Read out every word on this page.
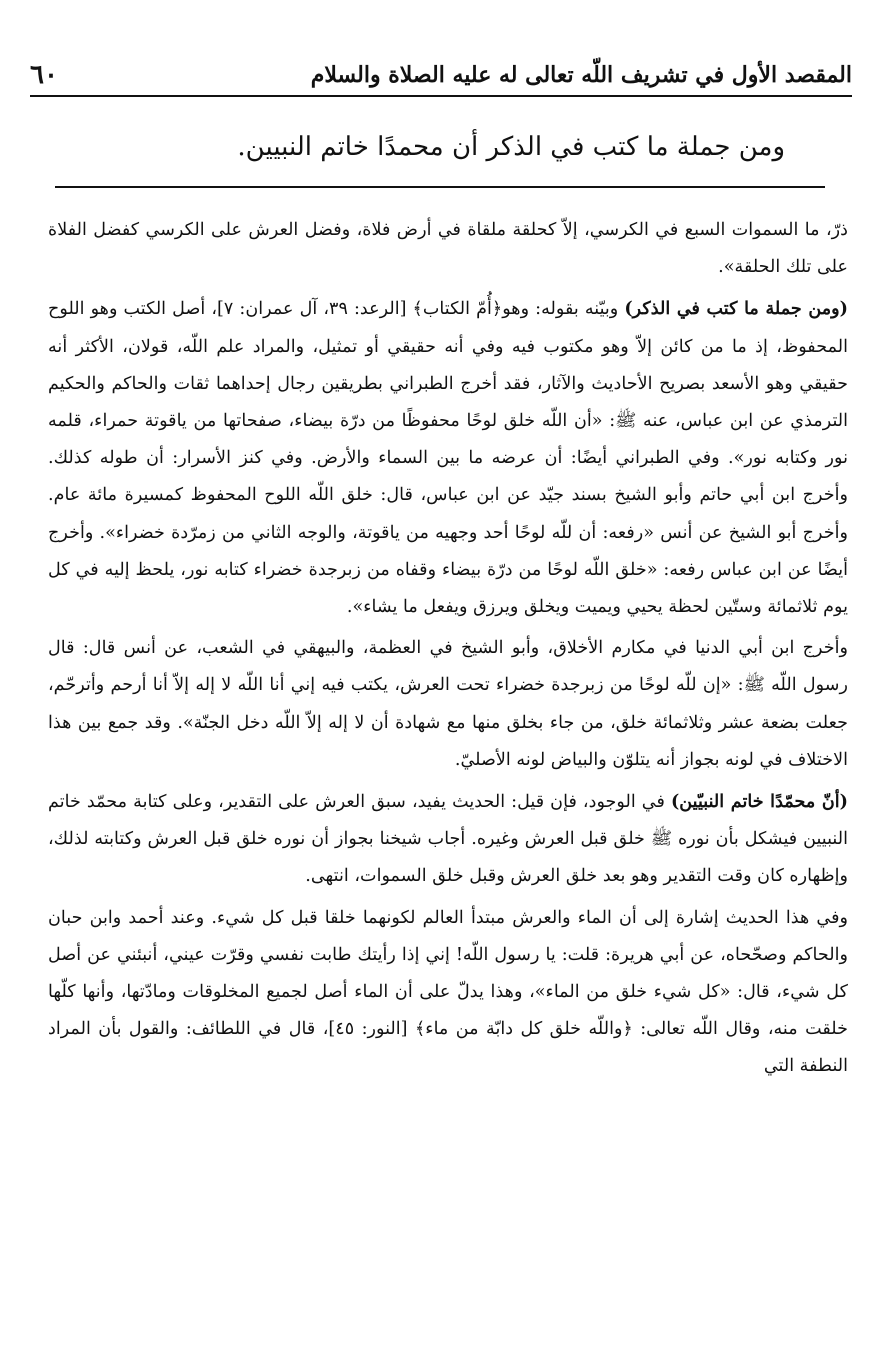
٦٠	المقصد الأول في تشريف اللّه تعالى له عليه الصلاة والسلام
ومن جملة ما كتب في الذكر أن محمدًا خاتم النبيين.

ذرّ، ما السموات السبع في الكرسي، إلاّ كحلقة ملقاة في أرض فلاة، وفضل العرش على الكرسي كفضل الفلاة على تلك الحلقة».

(ومن جملة ما كتب في الذكر) وبيّنه بقوله: وهو﴿أُمّ الكتاب﴾ [الرعد: ٣٩، آل عمران: ٧]، أصل الكتب وهو اللوح المحفوظ، إذ ما من كائن إلاّ وهو مكتوب فيه وفي أنه حقيقي أو تمثيل، والمراد علم اللّه، قولان، الأكثر أنه حقيقي وهو الأسعد بصريح الأحاديث والآثار، فقد أخرج الطبراني بطريقين رجال إحداهما ثقات والحاكم والحكيم الترمذي عن ابن عباس، عنه ﷺ: «أن اللّه خلق لوحًا محفوظًا من درّة بيضاء، صفحاتها من ياقوتة حمراء، قلمه نور وكتابه نور». وفي الطبراني أيضًا: أن عرضه ما بين السماء والأرض. وفي كنز الأسرار: أن طوله كذلك. وأخرج ابن أبي حاتم وأبو الشيخ بسند جيّد عن ابن عباس، قال: خلق اللّه اللوح المحفوظ كمسيرة مائة عام. وأخرج أبو الشيخ عن أنس «رفعه: أن للّه لوحًا أحد وجهيه من ياقوتة، والوجه الثاني من زمرّدة خضراء». وأخرج أيضًا عن ابن عباس رفعه: «خلق اللّه لوحًا من درّة بيضاء وقفاه من زبرجدة خضراء كتابه نور، يلحظ إليه في كل يوم ثلاثمائة وستّين لحظة يحيي ويميت ويخلق ويرزق ويفعل ما يشاء».

وأخرج ابن أبي الدنيا في مكارم الأخلاق، وأبو الشيخ في العظمة، والبيهقي في الشعب، عن أنس قال: قال رسول اللّه ﷺ: «إن للّه لوحًا من زبرجدة خضراء تحت العرش، يكتب فيه إني أنا اللّه لا إله إلاّ أنا أرحم وأترحّم، جعلت بضعة عشر وثلاثمائة خلق، من جاء بخلق منها مع شهادة أن لا إله إلاّ اللّه دخل الجنّة». وقد جمع بين هذا الاختلاف في لونه بجواز أنه يتلوّن والبياض لونه الأصليّ.

(أنّ محمّدًا خاتم النبيّين) في الوجود، فإن قيل: الحديث يفيد، سبق العرش على التقدير، وعلى كتابة محمّد خاتم النبيين فيشكل بأن نوره ﷺ خلق قبل العرش وغيره. أجاب شيخنا بجواز أن نوره خلق قبل العرش وكتابته لذلك، وإظهاره كان وقت التقدير وهو بعد خلق العرش وقبل خلق السموات، انتهى.

وفي هذا الحديث إشارة إلى أن الماء والعرش مبتدأ العالم لكونهما خلقا قبل كل شيء. وعند أحمد وابن حبان والحاكم وصحّحاه، عن أبي هريرة: قلت: يا رسول اللّه! إني إذا رأيتك طابت نفسي وقرّت عيني، أنبئني عن أصل كل شيء، قال: «كل شيء خلق من الماء»، وهذا يدلّ على أن الماء أصل لجميع المخلوقات ومادّتها، وأنها كلّها خلقت منه، وقال اللّه تعالى: ﴿واللّه خلق كل دابّة من ماء﴾ [النور: ٤٥]، قال في اللطائف: والقول بأن المراد النطفة التي
